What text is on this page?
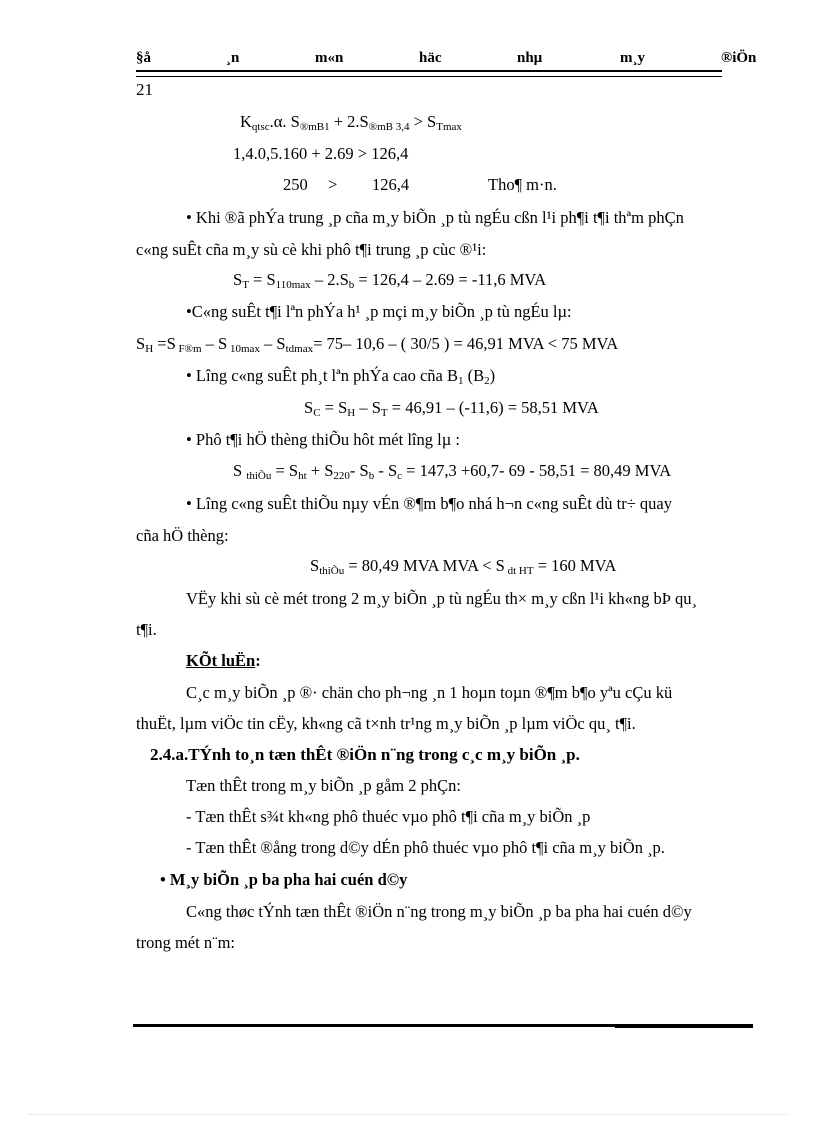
§å	¸n	m«n	häc	nhµ	m¸y	®iÖn
21
$K_{qtsc}.\alpha$. $S_{®mB1} + 2.S_{®mB 3,4} > S_{Tmax}$
1,4.0,5.160 + 2.69 > 126,4
250 > 126,4	Tho¶ m·n.
• Khi ®ã phÝa trung ¸p cña m¸y biÕn ¸p tù ngÉu cßn l¹i ph¶i t¶i thªm phÇn
c«ng suÊt cña m¸y sù cè khi phô t¶i trung ¸p cùc ®¹i:
$S_T = S_{110max} - 2.S_b = 126,4 - 2.69 = -11,6$ MVA
•C«ng suÊt t¶i lªn phÝa h¹ ¸p mçi m¸y biÕn ¸p tù ngÉu lµ:
$S_H =S$ $_{F®m}$ – S $_{10max} - S_{tdmax}= 75-$ 10,6 – ( 30/5 ) = 46,91 MVA < 75 MVA
• Lîng c«ng suÊt ph¸t lªn phÝa cao cña $B_1$ $(B_2)$
$S_C = S_H - S_T = 46,91 - (-11,6) = 58,51$ MVA
• Phô t¶i hÖ thèng thiÕu hôt mét lîng lµ :
S $_{thiÕu} = S_{ht} + S_{220}-$ $S_b - S_c = 147,3 +60,7-$ 69 - 58,51 = 80,49 MVA
• Lîng c«ng suÊt thiÕu nµy vÉn ®¶m b¶o nhá h¬n c«ng suÊt dù tr÷ quay
cña hÖ thèng:
$S_{thiÕu} = 80,49$ MVA MVA < S $_{dt HT}$ = 160 MVA
VËy khi sù cè mét trong 2 m¸y biÕn ¸p tù ngÉu th× m¸y cßn l¹i kh«ng bÞ qu¸
t¶i.
KÕt luËn:
C¸c m¸y biÕn ¸p ®· chän cho ph¬ng ¸n 1 hoµn toµn ®¶m b¶o yªu cÇu kü
thuËt, lµm viÖc tin cËy, kh«ng cã t×nh tr¹ng m¸y biÕn ¸p lµm viÖc qu¸ t¶i.
2.4.a.TÝnh to¸n tæn thÊt ®iÖn n¨ng trong c¸c m¸y biÕn ¸p.
Tæn thÊt trong m¸y biÕn ¸p gåm 2 phÇn:
- Tæn thÊt s¾t kh«ng phô thuéc vµo phô t¶i cña m¸y biÕn ¸p
- Tæn thÊt ®ång trong d©y dÉn phô thuéc vµo phô t¶i cña m¸y biÕn ¸p.
• M¸y biÕn ¸p ba pha hai cuén d©y
C«ng thøc tÝnh tæn thÊt ®iÖn n¨ng trong m¸y biÕn ¸p ba pha hai cuén d©y
trong mét n¨m:
